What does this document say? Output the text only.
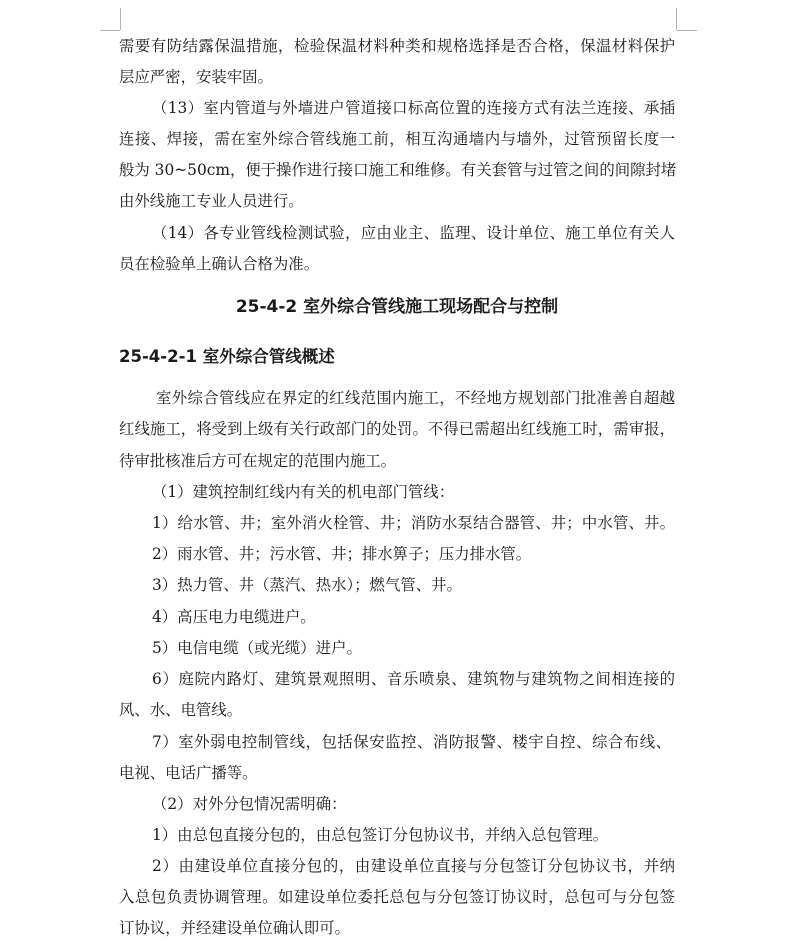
需要有防结露保温措施，检验保温材料种类和规格选择是否合格，保温材料保护
层应严密，安装牢固。
（13）室内管道与外墙进户管道接口标高位置的连接方式有法兰连接、承插
连接、焊接，需在室外综合管线施工前，相互沟通墙内与墙外，过管预留长度一
般为 30~50cm，便于操作进行接口施工和维修。有关套管与过管之间的间隙封堵
由外线施工专业人员进行。
（14）各专业管线检测试验，应由业主、监理、设计单位、施工单位有关人
员在检验单上确认合格为准。
25-4-2 室外综合管线施工现场配合与控制
25-4-2-1 室外综合管线概述
室外综合管线应在界定的红线范围内施工，不经地方规划部门批准善自超越
红线施工，将受到上级有关行政部门的处罚。不得已需超出红线施工时，需审报，
待审批核准后方可在规定的范围内施工。
（1）建筑控制红线内有关的机电部门管线：
1）给水管、井；室外消火栓管、井；消防水泵结合器管、井；中水管、井。
2）雨水管、井；污水管、井；排水箅子；压力排水管。
3）热力管、井（蒸汽、热水）；燃气管、井。
4）高压电力电缆进户。
5）电信电缆（或光缆）进户。
6）庭院内路灯、建筑景观照明、音乐喷泉、建筑物与建筑物之间相连接的
风、水、电管线。
7）室外弱电控制管线，包括保安监控、消防报警、楼宇自控、综合布线、
电视、电话广播等。
（2）对外分包情况需明确：
1）由总包直接分包的，由总包签订分包协议书，并纳入总包管理。
2）由建设单位直接分包的，由建设单位直接与分包签订分包协议书，并纳
入总包负责协调管理。如建设单位委托总包与分包签订协议时，总包可与分包签
订协议，并经建设单位确认即可。
